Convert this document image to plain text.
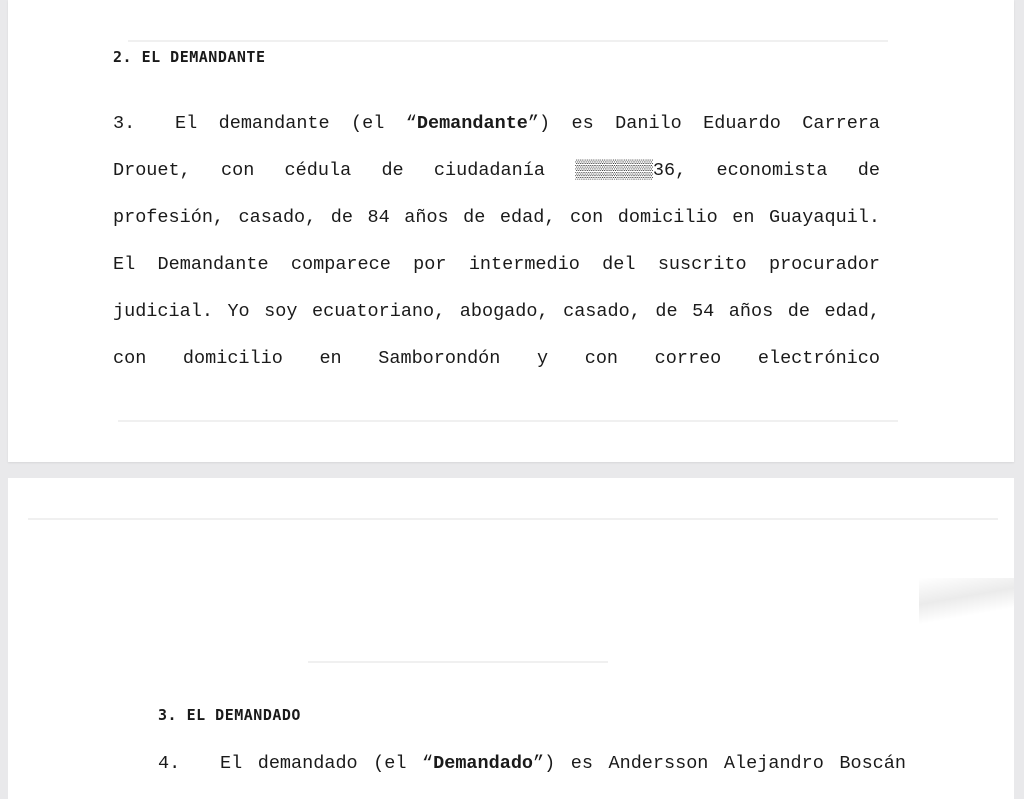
2. EL DEMANDANTE
3. El demandante (el “Demandante”) es Danilo Eduardo Carrera
Drouet, con cédula de ciudadanía ▒▒▒▒▒▒▒36, economista de
profesión, casado, de 84 años de edad, con domicilio en Guayaquil.
El Demandante comparece por intermedio del suscrito procurador
judicial. Yo soy ecuatoriano, abogado, casado, de 54 años de edad,
con domicilio en Samborondón y con correo electrónico
3. EL DEMANDADO
4. El demandado (el “Demandado”) es Andersson Alejandro Boscán
